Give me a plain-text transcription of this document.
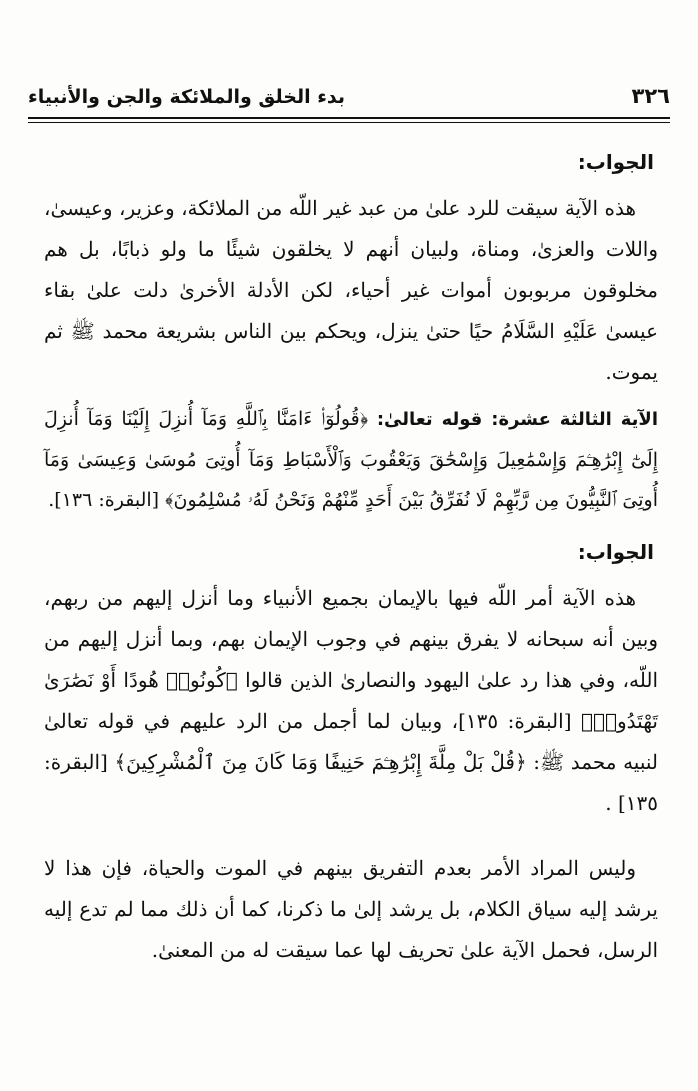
٣٢٦
بدء الخلق والملائكة والجن والأنبياء
الجواب:

هذه الآية سيقت للرد علىٰ من عبد غير اللّه من الملائكة، وعزير، وعيسىٰ، واللات والعزىٰ، ومناة، ولبيان أنهم لا يخلقون شيئًا ما ولو ذبابًا، بل هم مخلوقون مربوبون أموات غير أحياء، لكن الأدلة الأخرىٰ دلت علىٰ بقاء عيسىٰ عَلَيْهِ السَّلَامُ حيًا حتىٰ ينزل، ويحكم بين الناس بشريعة محمد ﷺ ثم يموت.

الآية الثالثة عشرة: قوله تعالىٰ: ﴿قُولُوٓا۟ ءَامَنَّا بِٱللَّهِ وَمَآ أُنزِلَ إِلَيْنَا وَمَآ أُنزِلَ إِلَىٰٓ إِبْرَٰهِـۧمَ وَإِسْمَٰعِيلَ وَإِسْحَٰقَ وَيَعْقُوبَ وَٱلْأَسْبَاطِ وَمَآ أُوتِىَ مُوسَىٰ وَعِيسَىٰ وَمَآ أُوتِىَ ٱلنَّبِيُّونَ مِن رَّبِّهِمْ لَا نُفَرِّقُ بَيْنَ أَحَدٍ مِّنْهُمْ وَنَحْنُ لَهُۥ مُسْلِمُونَ﴾ [البقرة: ١٣٦].

الجواب:

هذه الآية أمر اللّه فيها بالإيمان بجميع الأنبياء وما أنزل إليهم من ربهم، وبين أنه سبحانه لا يفرق بينهم في وجوب الإيمان بهم، وبما أنزل إليهم من اللّه، وفي هذا رد علىٰ اليهود والنصارىٰ الذين قالوا ﴿كُونُوا۟ هُودًا أَوْ نَصَٰرَىٰ تَهْتَدُوا۟﴾ [البقرة: ١٣٥]، وبيان لما أجمل من الرد عليهم في قوله تعالىٰ لنبيه محمد ﷺ: ﴿قُلْ بَلْ مِلَّةَ إِبْرَٰهِـۧمَ حَنِيفًا وَمَا كَانَ مِنَ ٱلْمُشْرِكِينَ﴾ [البقرة: ١٣٥] .

وليس المراد الأمر بعدم التفريق بينهم في الموت والحياة، فإن هذا لا يرشد إليه سياق الكلام، بل يرشد إلىٰ ما ذكرنا، كما أن ذلك مما لم تدع إليه الرسل، فحمل الآية علىٰ تحريف لها عما سيقت له من المعنىٰ.
